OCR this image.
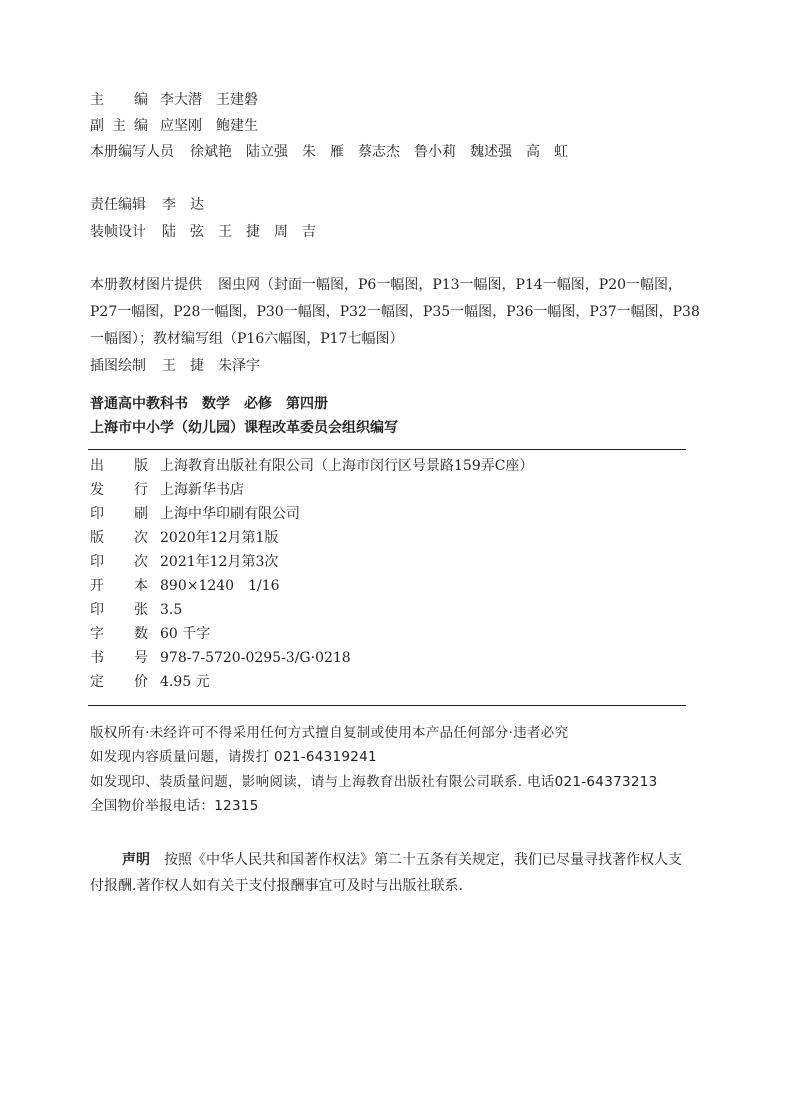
主编 李大潜　王建磐
副主编 应坚刚　鲍建生
本册编写人员 徐斌艳　陆立强　朱　雁　蔡志杰　鲁小莉　魏述强　高　虹
责任编辑 李　达
装帧设计 陆　弦　王　捷　周　吉
本册教材图片提供 图虫网（封面一幅图，P6一幅图，P13一幅图，P14一幅图，P20一幅图，
P27一幅图，P28一幅图，P30一幅图，P32一幅图，P35一幅图，P36一幅图，P37一幅图，P38
一幅图）；教材编写组（P16六幅图，P17七幅图）
插图绘制 王　捷　朱泽宇
普通高中教科书　数学　必修　第四册
上海市中小学（幼儿园）课程改革委员会组织编写
出版 上海教育出版社有限公司（上海市闵行区号景路159弄C座）
发行 上海新华书店
印刷 上海中华印刷有限公司
版次 2020年12月第1版
印次 2021年12月第3次
开本 890×1240　1/16
印张 3.5
字数 60 千字
书号 978-7-5720-0295-3/G·0218
定价 4.95 元
版权所有·未经许可不得采用任何方式擅自复制或使用本产品任何部分·违者必究
如发现内容质量问题，请拨打 021-64319241
如发现印、装质量问题，影响阅读，请与上海教育出版社有限公司联系. 电话021-64373213
全国物价举报电话：12315
声明 按照《中华人民共和国著作权法》第二十五条有关规定，我们已尽量寻找著作权人支
付报酬.著作权人如有关于支付报酬事宜可及时与出版社联系.
